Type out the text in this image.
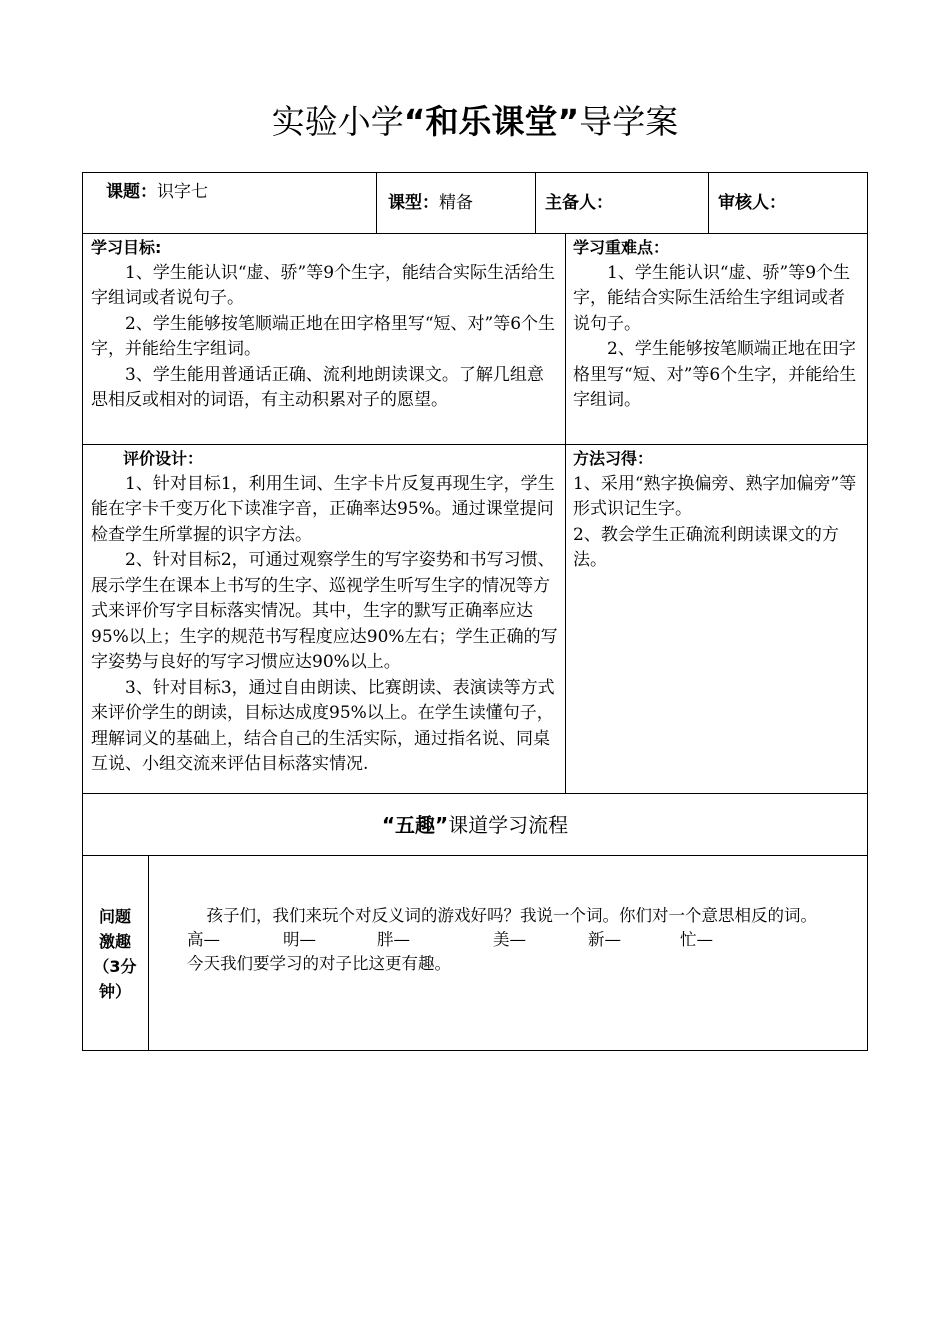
实验小学“和乐课堂”导学案
课题：识字七
课型：精备	主备人：	审核人：

学习目标:

1、学生能认识“虚、骄”等9个生字，能结合实际生活给生字组词或者说句子。

2、学生能够按笔顺端正地在田字格里写“短、对”等6个生字，并能给生字组词。

3、学生能用普通话正确、流利地朗读课文。了解几组意思相反或相对的词语，有主动积累对子的愿望。

学习重难点：

1、学生能认识“虚、骄”等9个生字，能结合实际生活给生字组词或者说句子。

2、学生能够按笔顺端正地在田字格里写“短、对”等6个生字，并能给生字组词。

评价设计：

1、针对目标1，利用生词、生字卡片反复再现生字，学生能在字卡千变万化下读准字音，正确率达95%。通过课堂提问检查学生所掌握的识字方法。

2、针对目标2，可通过观察学生的写字姿势和书写习惯、展示学生在课本上书写的生字、巡视学生听写生字的情况等方式来评价写字目标落实情况。其中，生字的默写正确率应达95%以上；生字的规范书写程度应达90%左右；学生正确的写字姿势与良好的写字习惯应达90%以上。

3、针对目标3，通过自由朗读、比赛朗读、表演读等方式来评价学生的朗读，目标达成度95%以上。在学生读懂句子，理解词义的基础上，结合自己的生活实际，通过指名说、同桌互说、小组交流来评估目标落实情况.

方法习得：

1、采用“熟字换偏旁、熟字加偏旁”等形式识记生字。

2、教会学生正确流利朗读课文的方法。

“五趣”课道学习流程
问题
激趣
（3分
钟）

孩子们，我们来玩个对反义词的游戏好吗？我说一个词。你们对一个意思相反的词。

高—	明—	胖—	美—	新—	忙—

今天我们要学习的对子比这更有趣。
